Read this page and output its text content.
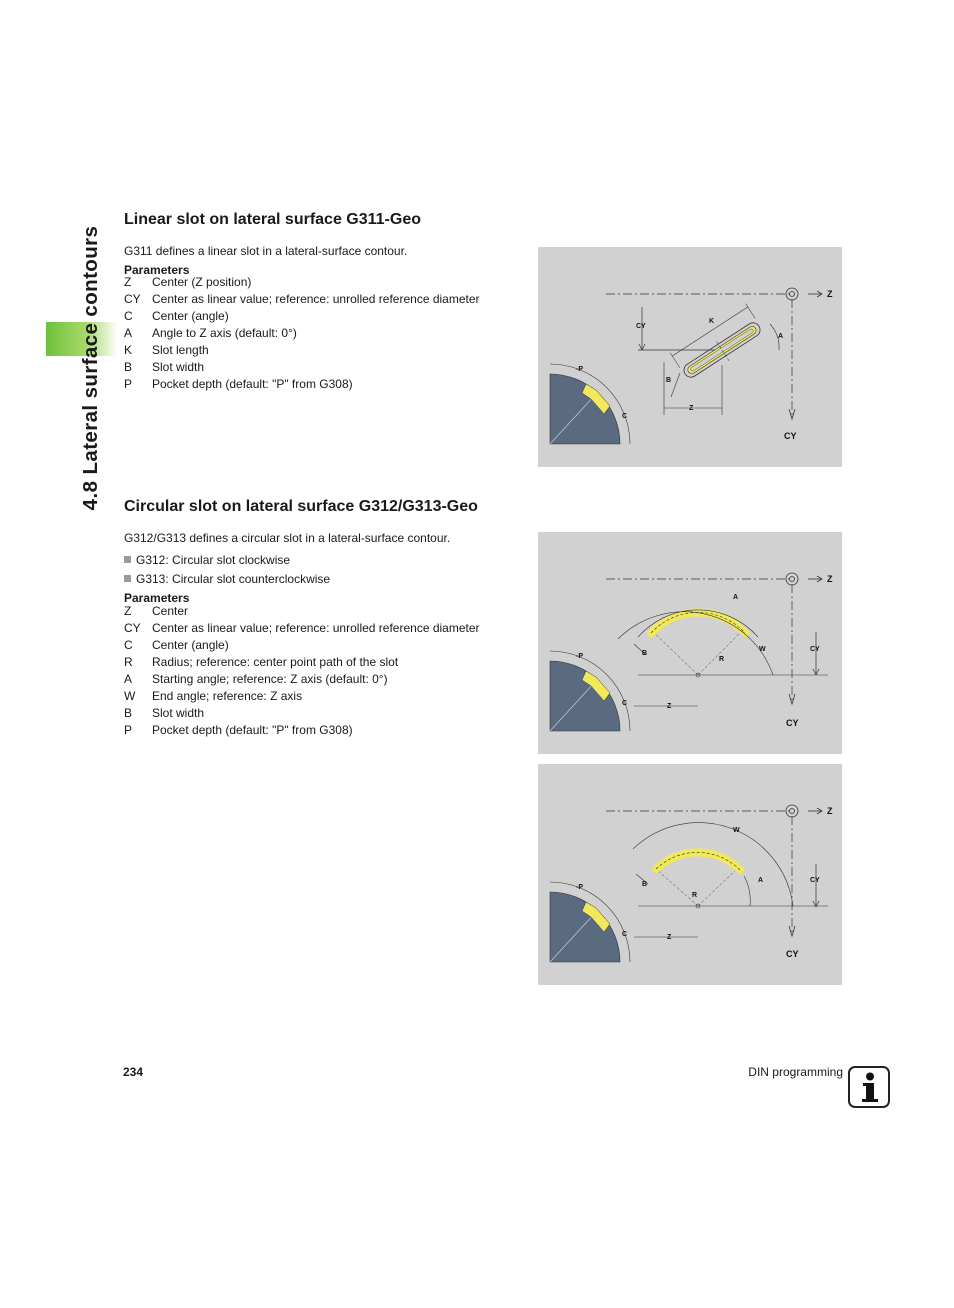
4.8 Lateral surface contours
Linear slot on lateral surface G311-Geo

G311 defines a linear slot in a lateral-surface contour.

Parameters

Z Center (Z position)
CY Center as linear value; reference: unrolled reference diameter
C Center (angle)
A Angle to Z axis (default: 0°)
K Slot length
B Slot width
P Pocket depth (default: "P" from G308)
Z
CY
CY
K
A
B
Z
-P
C
Circular slot on lateral surface G312/G313-Geo

G312/G313 defines a circular slot in a lateral-surface contour.

G312: Circular slot clockwise
G313: Circular slot counterclockwise

Parameters

Z Center
CY Center as linear value; reference: unrolled reference diameter
C Center (angle)
R Radius; reference: center point path of the slot
A Starting angle; reference: Z axis (default: 0°)
W End angle; reference: Z axis
B Slot width
P Pocket depth (default: "P" from G308)
Z
CY
CY
A
W
B
R
Z
-P
C
Z
CY
CY
W
A
B
R
Z
-P
C
234	DIN programming
